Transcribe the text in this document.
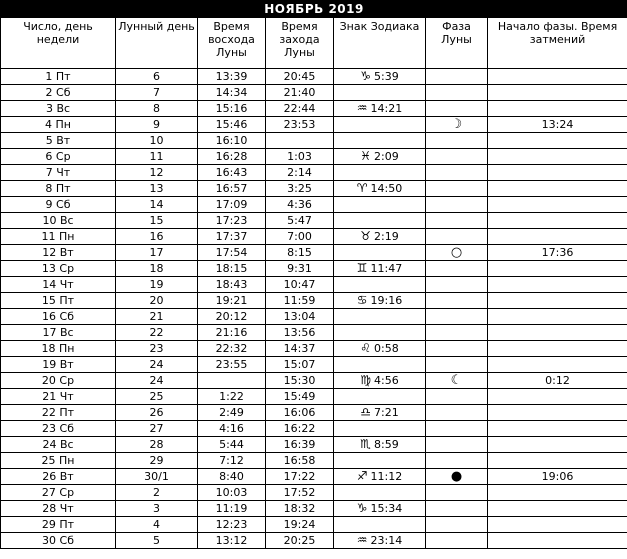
НОЯБРЬ 2019						
Число, день недели	Лунный день	Время восхода Луны	Время захода Луны	Знак Зодиака	Фаза Луны	Начало фазы. Время затмений
1 Пт	6	13:39	20:45	♑ 5:39		
2 Сб	7	14:34	21:40			
3 Вс	8	15:16	22:44	♒ 14:21		
4 Пн	9	15:46	23:53		☽	13:24
5 Вт	10	16:10				
6 Ср	11	16:28	1:03	♓ 2:09		
7 Чт	12	16:43	2:14			
8 Пт	13	16:57	3:25	♈ 14:50		
9 Сб	14	17:09	4:36			
10 Вс	15	17:23	5:47			
11 Пн	16	17:37	7:00	♉ 2:19		
12 Вт	17	17:54	8:15		○	17:36
13 Ср	18	18:15	9:31	♊ 11:47		
14 Чт	19	18:43	10:47			
15 Пт	20	19:21	11:59	♋ 19:16		
16 Сб	21	20:12	13:04			
17 Вс	22	21:16	13:56			
18 Пн	23	22:32	14:37	♌ 0:58		
19 Вт	24	23:55	15:07			
20 Ср	24		15:30	♍ 4:56	☾	0:12
21 Чт	25	1:22	15:49			
22 Пт	26	2:49	16:06	♎ 7:21		
23 Сб	27	4:16	16:22			
24 Вс	28	5:44	16:39	♏ 8:59		
25 Пн	29	7:12	16:58			
26 Вт	30/1	8:40	17:22	♐ 11:12	●	19:06
27 Ср	2	10:03	17:52			
28 Чт	3	11:19	18:32	♑ 15:34		
29 Пт	4	12:23	19:24			
30 Сб	5	13:12	20:25	♒ 23:14		
